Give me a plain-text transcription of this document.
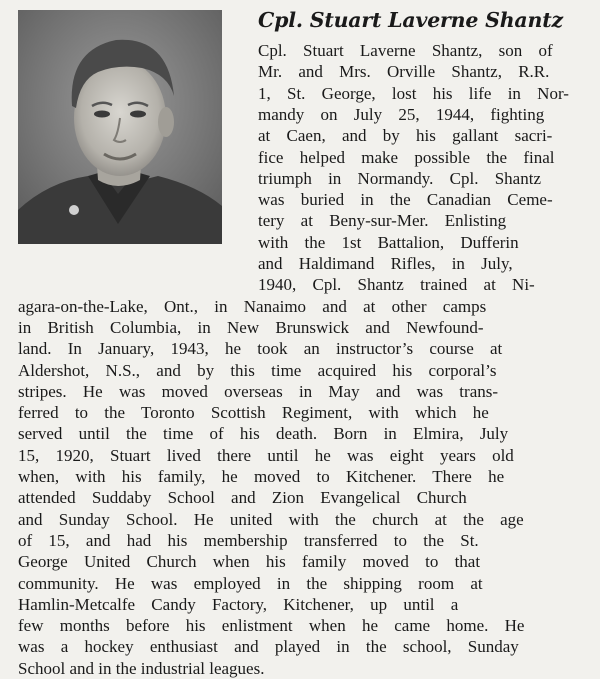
Cpl. Stuart Laverne Shantz
Cpl. Stuart Laverne Shantz, son of
Mr. and Mrs. Orville Shantz, R.R.
1, St. George, lost his life in Nor-
mandy on July 25, 1944, fighting
at Caen, and by his gallant sacri-
fice helped make possible the final
triumph in Normandy. Cpl. Shantz
was buried in the Canadian Ceme-
tery at Beny-sur-Mer. Enlisting
with the 1st Battalion, Dufferin
and Haldimand Rifles, in July,
1940, Cpl. Shantz trained at Ni-
agara-on-the-Lake, Ont., in Nanaimo and at other camps
in British Columbia, in New Brunswick and Newfound-
land. In January, 1943, he took an instructor’s course at
Aldershot, N.S., and by this time acquired his corporal’s
stripes. He was moved overseas in May and was trans-
ferred to the Toronto Scottish Regiment, with which he
served until the time of his death. Born in Elmira, July
15, 1920, Stuart lived there until he was eight years old
when, with his family, he moved to Kitchener. There he
attended Suddaby School and Zion Evangelical Church
and Sunday School. He united with the church at the age
of 15, and had his membership transferred to the St.
George United Church when his family moved to that
community. He was employed in the shipping room at
Hamlin-Metcalfe Candy Factory, Kitchener, up until a
few months before his enlistment when he came home. He
was a hockey enthusiast and played in the school, Sunday
School and in the industrial leagues.
